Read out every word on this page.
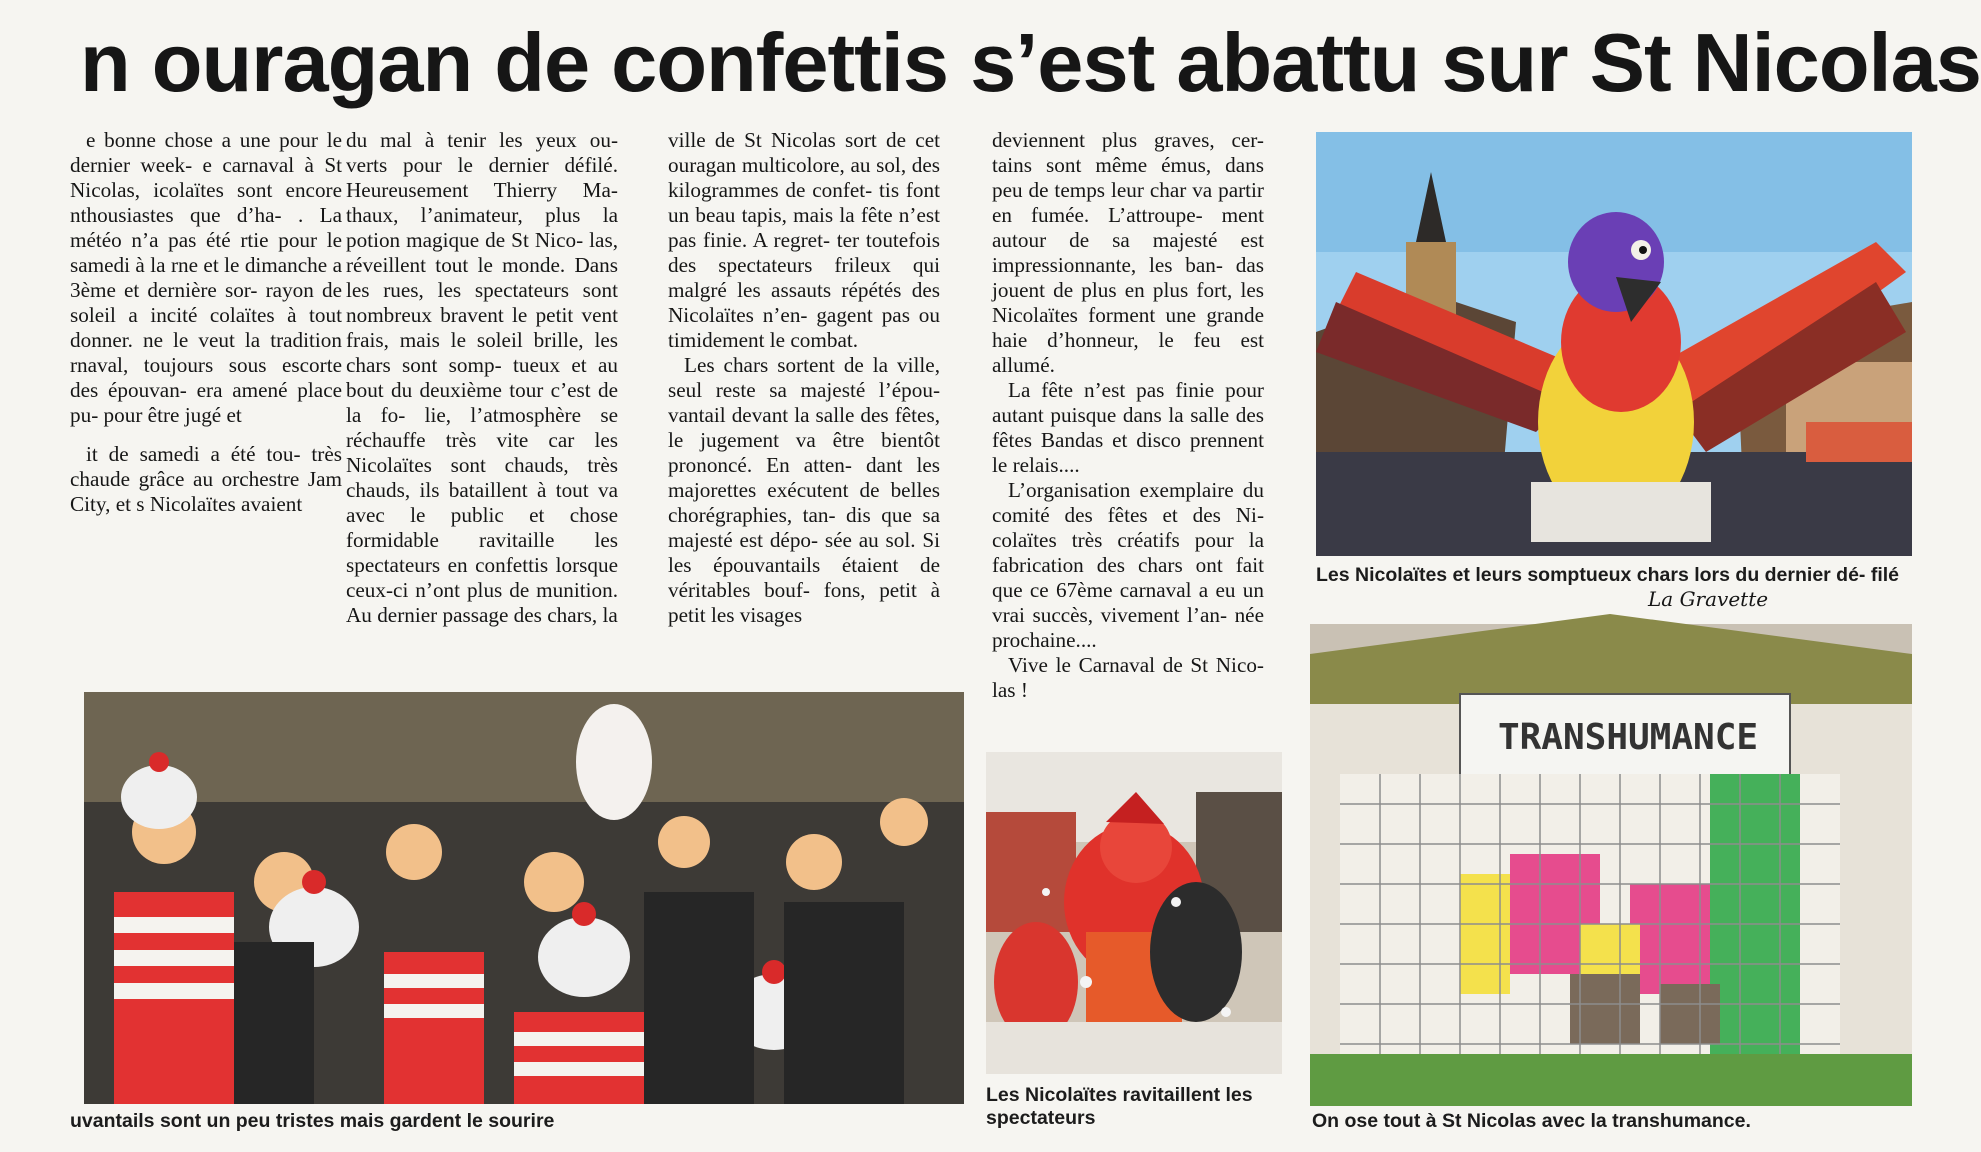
n ouragan de confettis s’est abattu sur St Nicolas

e bonne chose a une pour le dernier week- e carnaval à St Nicolas, icolaïtes sont encore nthousiastes que d’ha- . La météo n’a pas été rtie pour le samedi à la rne et le dimanche a 3ème et dernière sor- rayon de soleil a incité colaïtes à tout donner. ne le veut la tradition rnaval, toujours sous escorte des épouvan- era amené place pu- pour être jugé et

it de samedi a été tou- très chaude grâce au orchestre Jam City, et s Nicolaïtes avaient

du mal à tenir les yeux ou- verts pour le dernier défilé. Heureusement Thierry Ma- thaux, l’animateur, plus la potion magique de St Nico- las, réveillent tout le monde. Dans les rues, les spectateurs sont nombreux bravent le petit vent frais, mais le soleil brille, les chars sont somp- tueux et au bout du deuxième tour c’est de la fo- lie, l’atmosphère se réchauffe très vite car les Nicolaïtes sont chauds, très chauds, ils bataillent à tout va avec le public et chose formidable ravitaille les spectateurs en confettis lorsque ceux-ci n’ont plus de munition. Au dernier passage des chars, la

ville de St Nicolas sort de cet ouragan multicolore, au sol, des kilogrammes de confet- tis font un beau tapis, mais la fête n’est pas finie. A regret- ter toutefois des spectateurs frileux qui malgré les assauts répétés des Nicolaïtes n’en- gagent pas ou timidement le combat.

Les chars sortent de la ville, seul reste sa majesté l’épou- vantail devant la salle des fêtes, le jugement va être bientôt prononcé. En atten- dant les majorettes exécutent de belles chorégraphies, tan- dis que sa majesté est dépo- sée au sol. Si les épouvantails étaient de véritables bouf- fons, petit à petit les visages

deviennent plus graves, cer- tains sont même émus, dans peu de temps leur char va partir en fumée. L’attroupe- ment autour de sa majesté est impressionnante, les ban- das jouent de plus en plus fort, les Nicolaïtes forment une grande haie d’honneur, le feu est allumé.

La fête n’est pas finie pour autant puisque dans la salle des fêtes Bandas et disco prennent le relais....

L’organisation exemplaire du comité des fêtes et des Ni- colaïtes très créatifs pour la fabrication des chars ont fait que ce 67ème carnaval a eu un vrai succès, vivement l’an- née prochaine....

Vive le Carnaval de St Nico- las !

Les Nicolaïtes et leurs somptueux chars lors du dernier dé- filé

La Gravette

TRANSHUMANCE

On ose tout à St Nicolas avec la transhumance.

uvantails sont un peu tristes mais gardent le sourire

Les Nicolaïtes ravitaillent les spectateurs
